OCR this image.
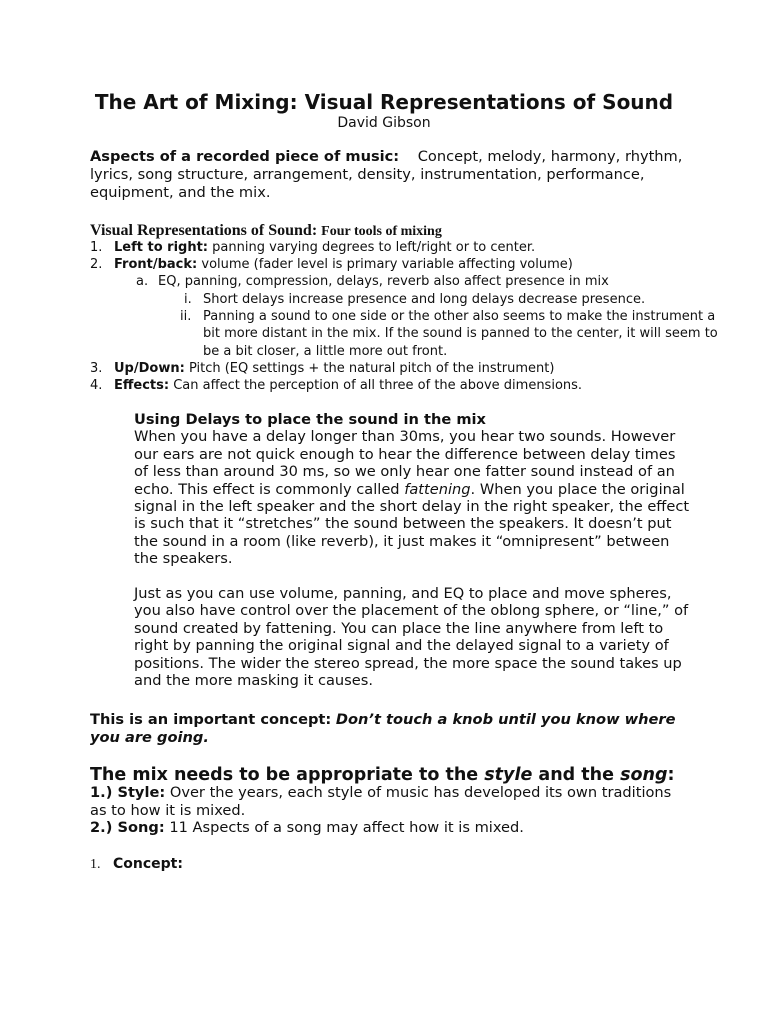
The Art of Mixing: Visual Representations of Sound
David Gibson
Aspects of a recorded piece of music: Concept, melody, harmony, rhythm, lyrics, song structure, arrangement, density, instrumentation, performance, equipment, and the mix.
Visual Representations of Sound: Four tools of mixing
1. Left to right: panning varying degrees to left/right or to center.
2. Front/back: volume (fader level is primary variable affecting volume)
a. EQ, panning, compression, delays, reverb also affect presence in mix
i. Short delays increase presence and long delays decrease presence.
ii. Panning a sound to one side or the other also seems to make the instrument a
bit more distant in the mix. If the sound is panned to the center, it will seem to
be a bit closer, a little more out front.
3. Up/Down: Pitch (EQ settings + the natural pitch of the instrument)
4. Effects: Can affect the perception of all three of the above dimensions.

Using Delays to place the sound in the mix

When you have a delay longer than 30ms, you hear two sounds. However our ears are not quick enough to hear the difference between delay times of less than around 30 ms, so we only hear one fatter sound instead of an echo. This effect is commonly called fattening. When you place the original signal in the left speaker and the short delay in the right speaker, the effect is such that it “stretches” the sound between the speakers. It doesn’t put the sound in a room (like reverb), it just makes it “omnipresent” between the speakers.

Just as you can use volume, panning, and EQ to place and move spheres, you also have control over the placement of the oblong sphere, or “line,” of sound created by fattening. You can place the line anywhere from left to right by panning the original signal and the delayed signal to a variety of positions. The wider the stereo spread, the more space the sound takes up and the more masking it causes.

This is an important concept: Don’t touch a knob until you know where you are going.
The mix needs to be appropriate to the style and the song:

1.) Style: Over the years, each style of music has developed its own traditions as to how it is mixed.

2.) Song: 11 Aspects of a song may affect how it is mixed.

1. Concept:
